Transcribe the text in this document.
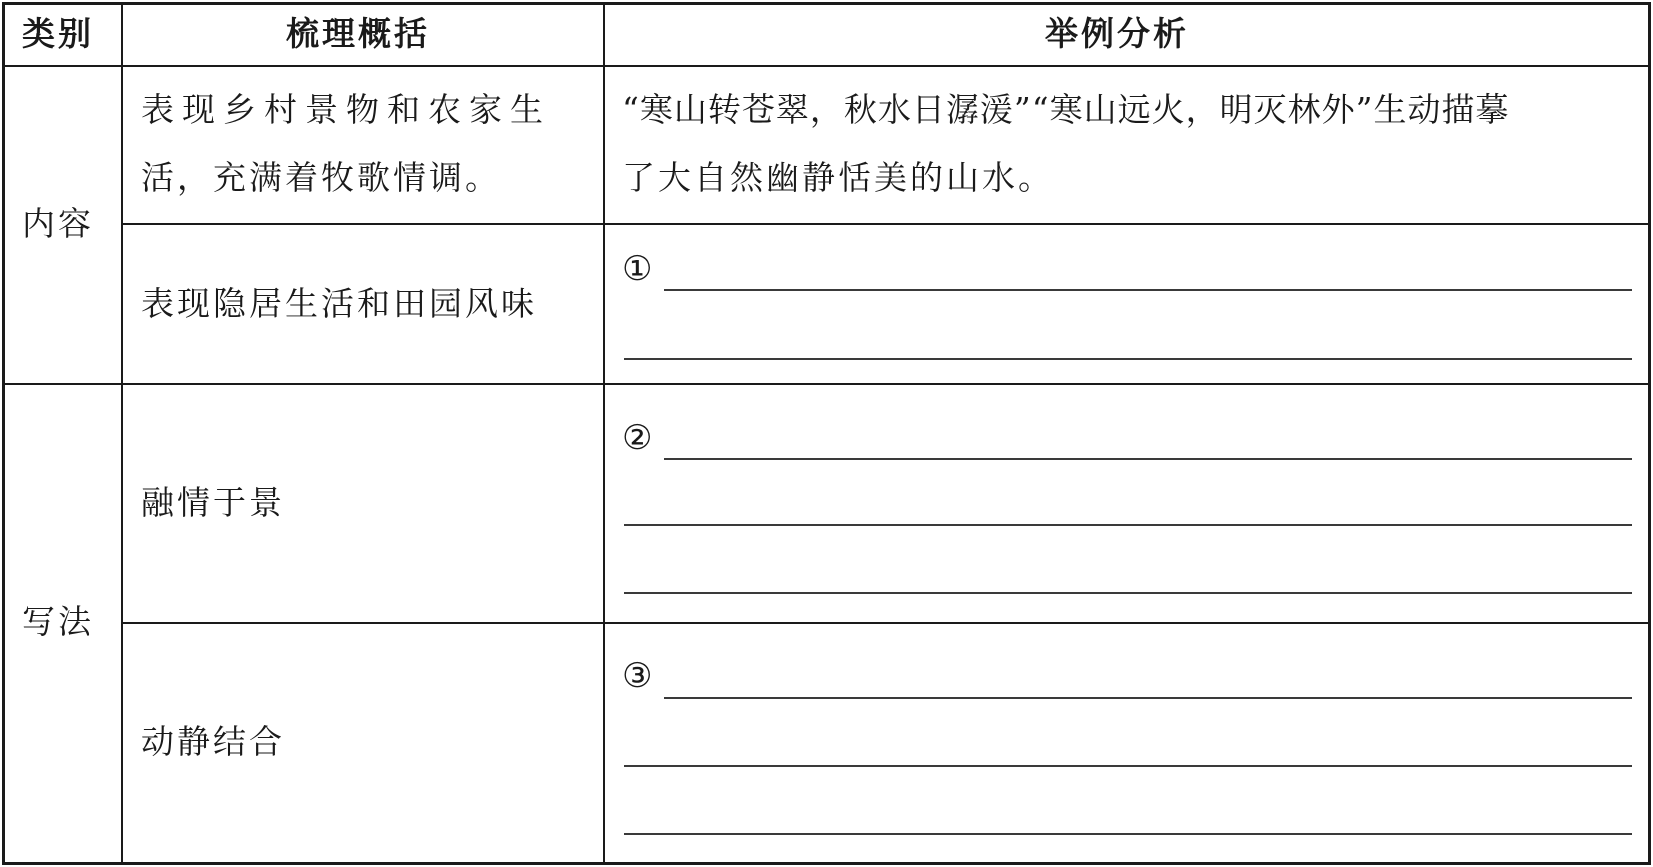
类别	梳理概括	举例分析
内容
表现乡村景物和农家生
活，充满着牧歌情调。
“寒山转苍翠，秋水日潺湲”“寒山远火，明灭林外”生动描摹
了大自然幽静恬美的山水。
表现隐居生活和田园风味
①
写法
融情于景
②
动静结合
③
